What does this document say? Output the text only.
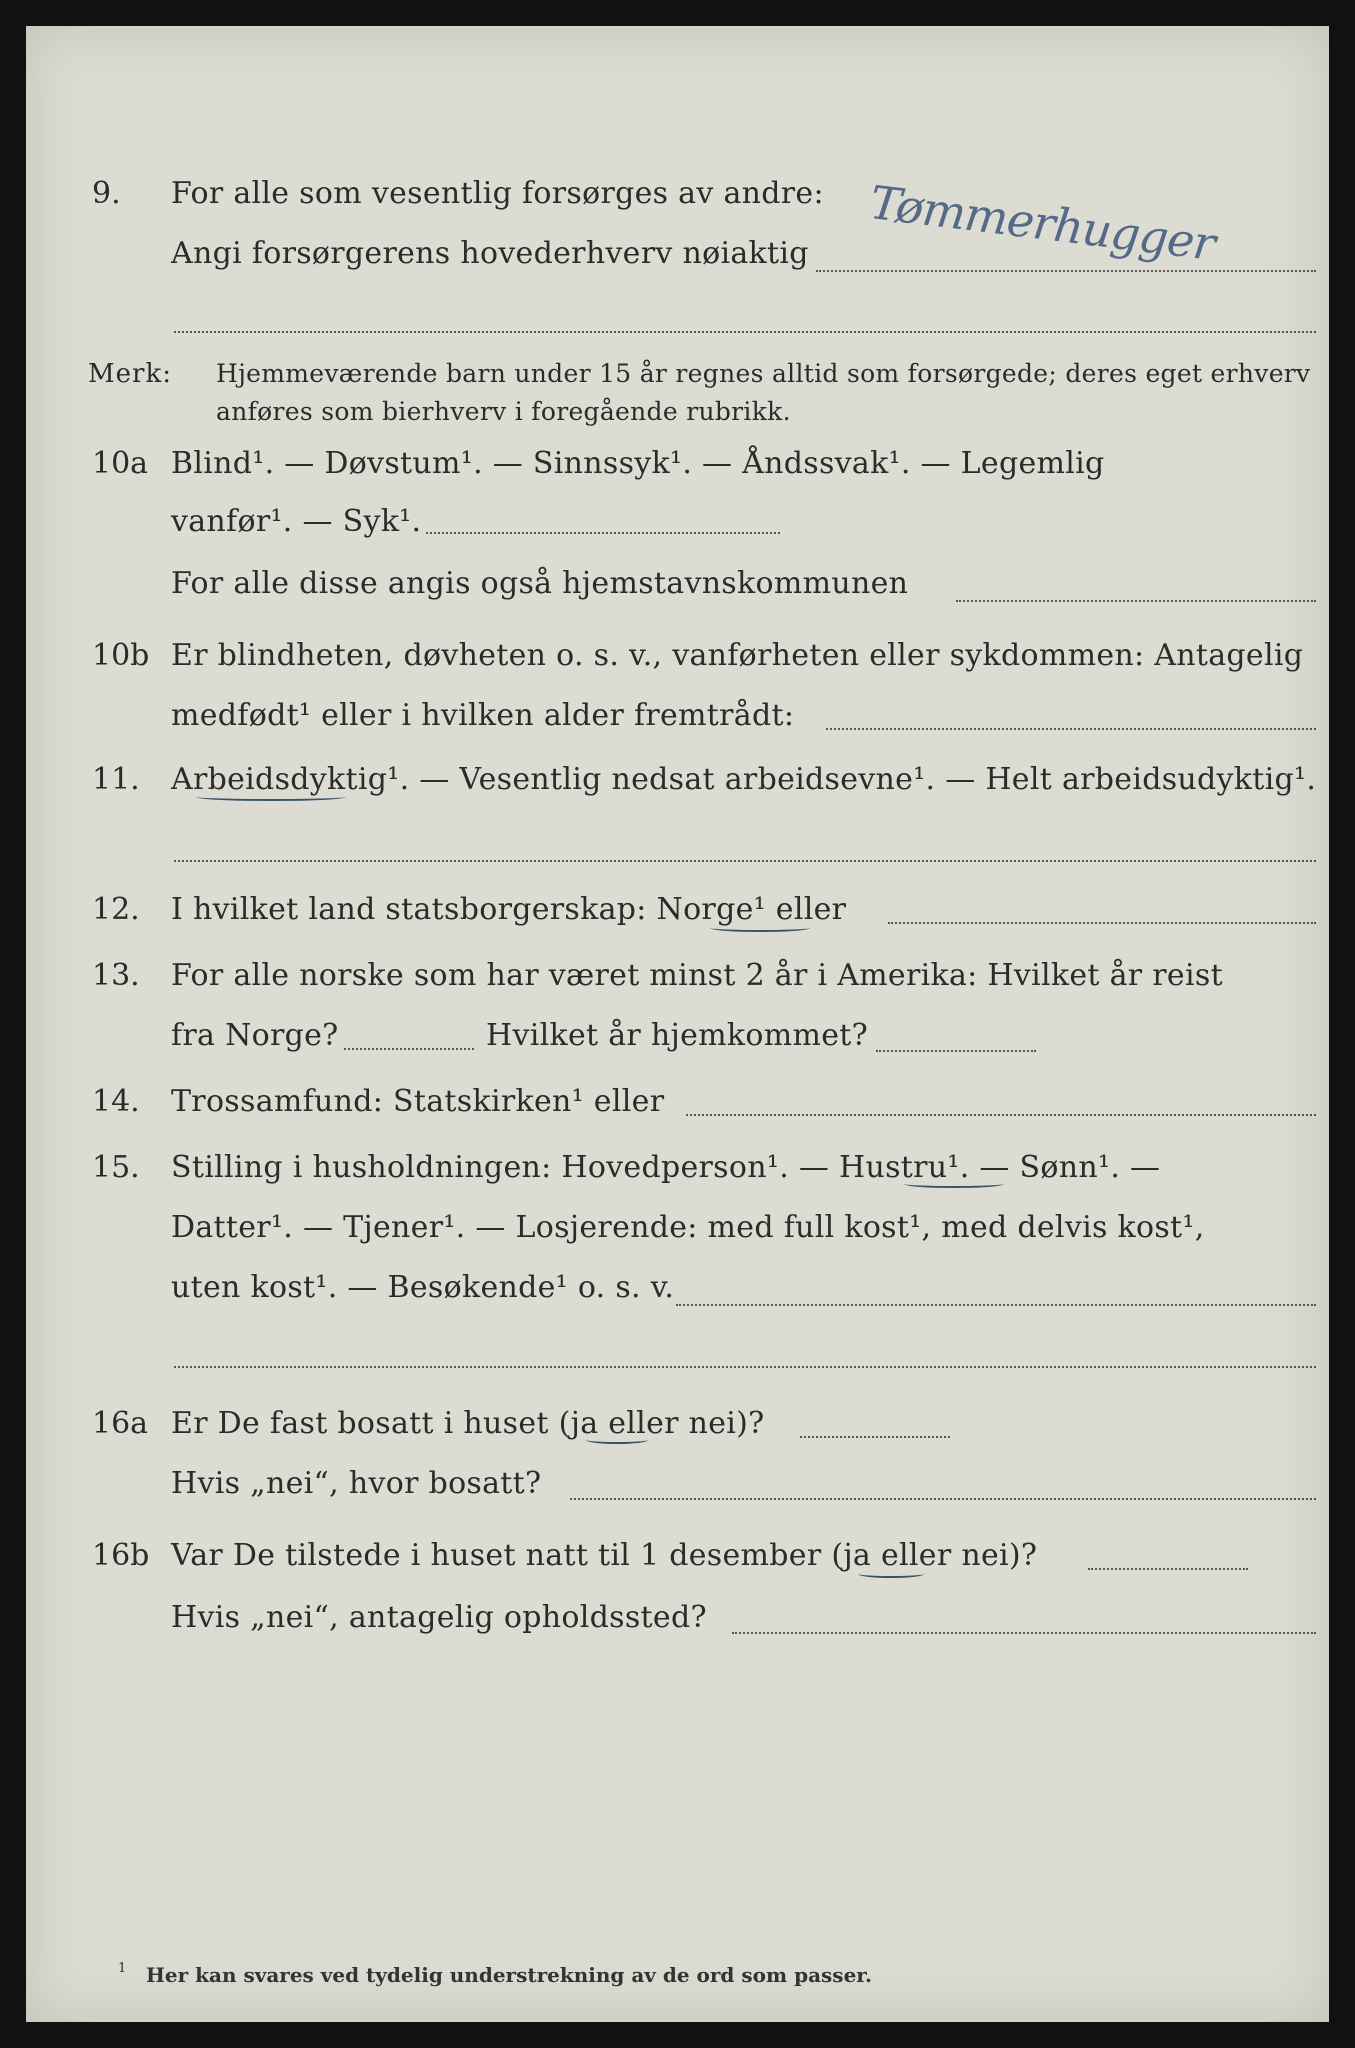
9. For alle som vesentlig forsørges av andre:
Angi forsørgerens hovederhverv nøiaktig Tømmerhugger
Merk: Hjemmeværende barn under 15 år regnes alltid som forsørgede; deres eget erhverv
anføres som bierhverv i foregående rubrikk.
10a Blind¹. — Døvstum¹. — Sinnssyk¹. — Åndssvak¹. — Legemlig
vanfør¹. — Syk¹.
For alle disse angis også hjemstavnskommunen
10b Er blindheten, døvheten o. s. v., vanførheten eller sykdommen: Antagelig
medfødt¹ eller i hvilken alder fremtrådt:
11. Arbeidsdyktig¹. — Vesentlig nedsat arbeidsevne¹. — Helt arbeidsudyktig¹.
12. I hvilket land statsborgerskap: Norge¹ eller
13. For alle norske som har været minst 2 år i Amerika: Hvilket år reist
fra Norge?	Hvilket år hjemkommet?
14. Trossamfund: Statskirken¹ eller
15. Stilling i husholdningen: Hovedperson¹. — Hustru¹. — Sønn¹. —
Datter¹. — Tjener¹. — Losjerende: med full kost¹, med delvis kost¹,
uten kost¹. — Besøkende¹ o. s. v.
16a Er De fast bosatt i huset (ja eller nei)?
Hvis „nei“, hvor bosatt?
16b Var De tilstede i huset natt til 1 desember (ja eller nei)?
Hvis „nei“, antagelig opholdssted?
1 Her kan svares ved tydelig understrekning av de ord som passer.
